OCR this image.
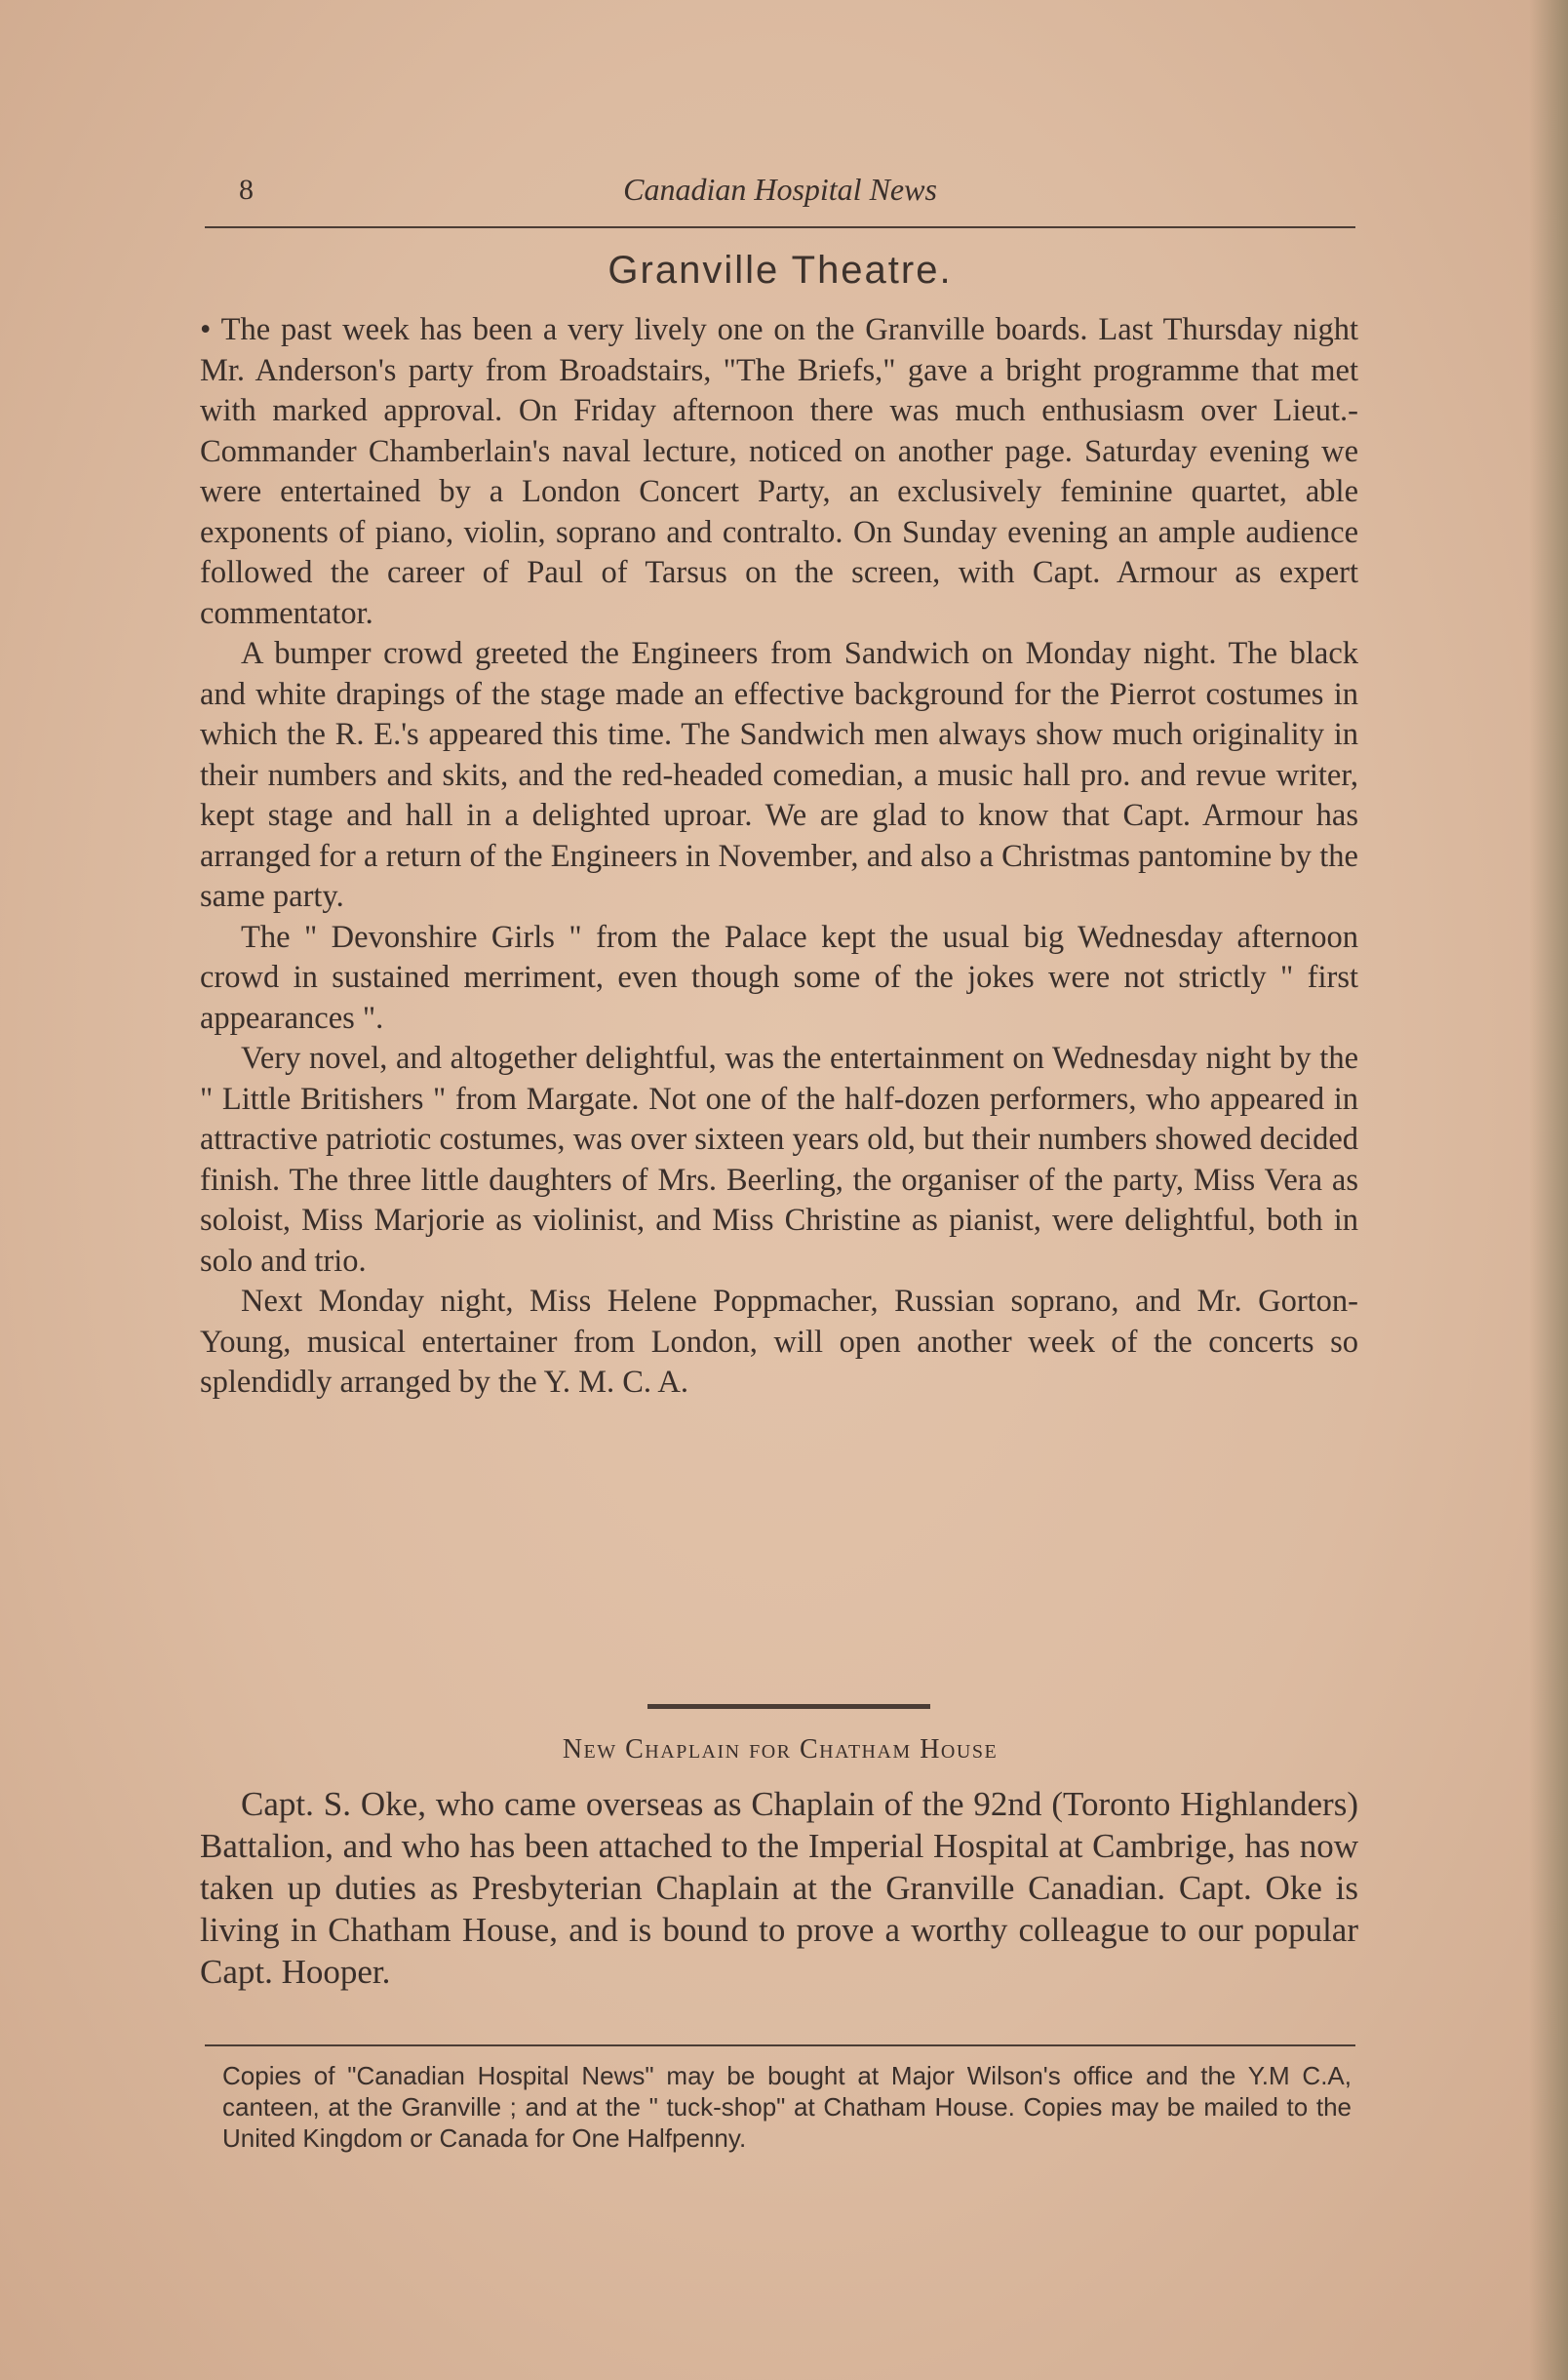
8	Canadian Hospital News
Granville Theatre.

• The past week has been a very lively one on the Granville boards. Last Thursday night Mr. Anderson's party from Broadstairs, "The Briefs," gave a bright programme that met with marked approval. On Friday afternoon there was much enthusiasm over Lieut.-Commander Chamberlain's naval lecture, noticed on another page. Saturday evening we were entertained by a London Concert Party, an exclusively feminine quartet, able exponents of piano, violin, soprano and contralto. On Sunday evening an ample audience followed the career of Paul of Tarsus on the screen, with Capt. Armour as expert commentator.

A bumper crowd greeted the Engineers from Sandwich on Monday night. The black and white drapings of the stage made an effective background for the Pierrot costumes in which the R. E.'s appeared this time. The Sandwich men always show much originality in their numbers and skits, and the red-headed comedian, a music hall pro. and revue writer, kept stage and hall in a delighted uproar. We are glad to know that Capt. Armour has arranged for a return of the Engineers in November, and also a Christmas pantomine by the same party.

The " Devonshire Girls " from the Palace kept the usual big Wednesday afternoon crowd in sustained merriment, even though some of the jokes were not strictly " first appearances ".

Very novel, and altogether delightful, was the entertainment on Wednesday night by the " Little Britishers " from Margate. Not one of the half-dozen performers, who appeared in attractive patriotic costumes, was over sixteen years old, but their numbers showed decided finish. The three little daughters of Mrs. Beerling, the organiser of the party, Miss Vera as soloist, Miss Marjorie as violinist, and Miss Christine as pianist, were delightful, both in solo and trio.

Next Monday night, Miss Helene Poppmacher, Russian soprano, and Mr. Gorton-Young, musical entertainer from London, will open another week of the concerts so splendidly arranged by the Y. M. C. A.

New Chaplain for Chatham House

Capt. S. Oke, who came overseas as Chaplain of the 92nd (Toronto Highlanders) Battalion, and who has been attached to the Imperial Hospital at Cambrige, has now taken up duties as Presbyterian Chaplain at the Granville Canadian. Capt. Oke is living in Chatham House, and is bound to prove a worthy colleague to our popular Capt. Hooper.

Copies of "Canadian Hospital News" may be bought at Major Wilson's office and the Y.M C.A, canteen, at the Granville ; and at the " tuck-shop" at Chatham House. Copies may be mailed to the United Kingdom or Canada for One Halfpenny.
